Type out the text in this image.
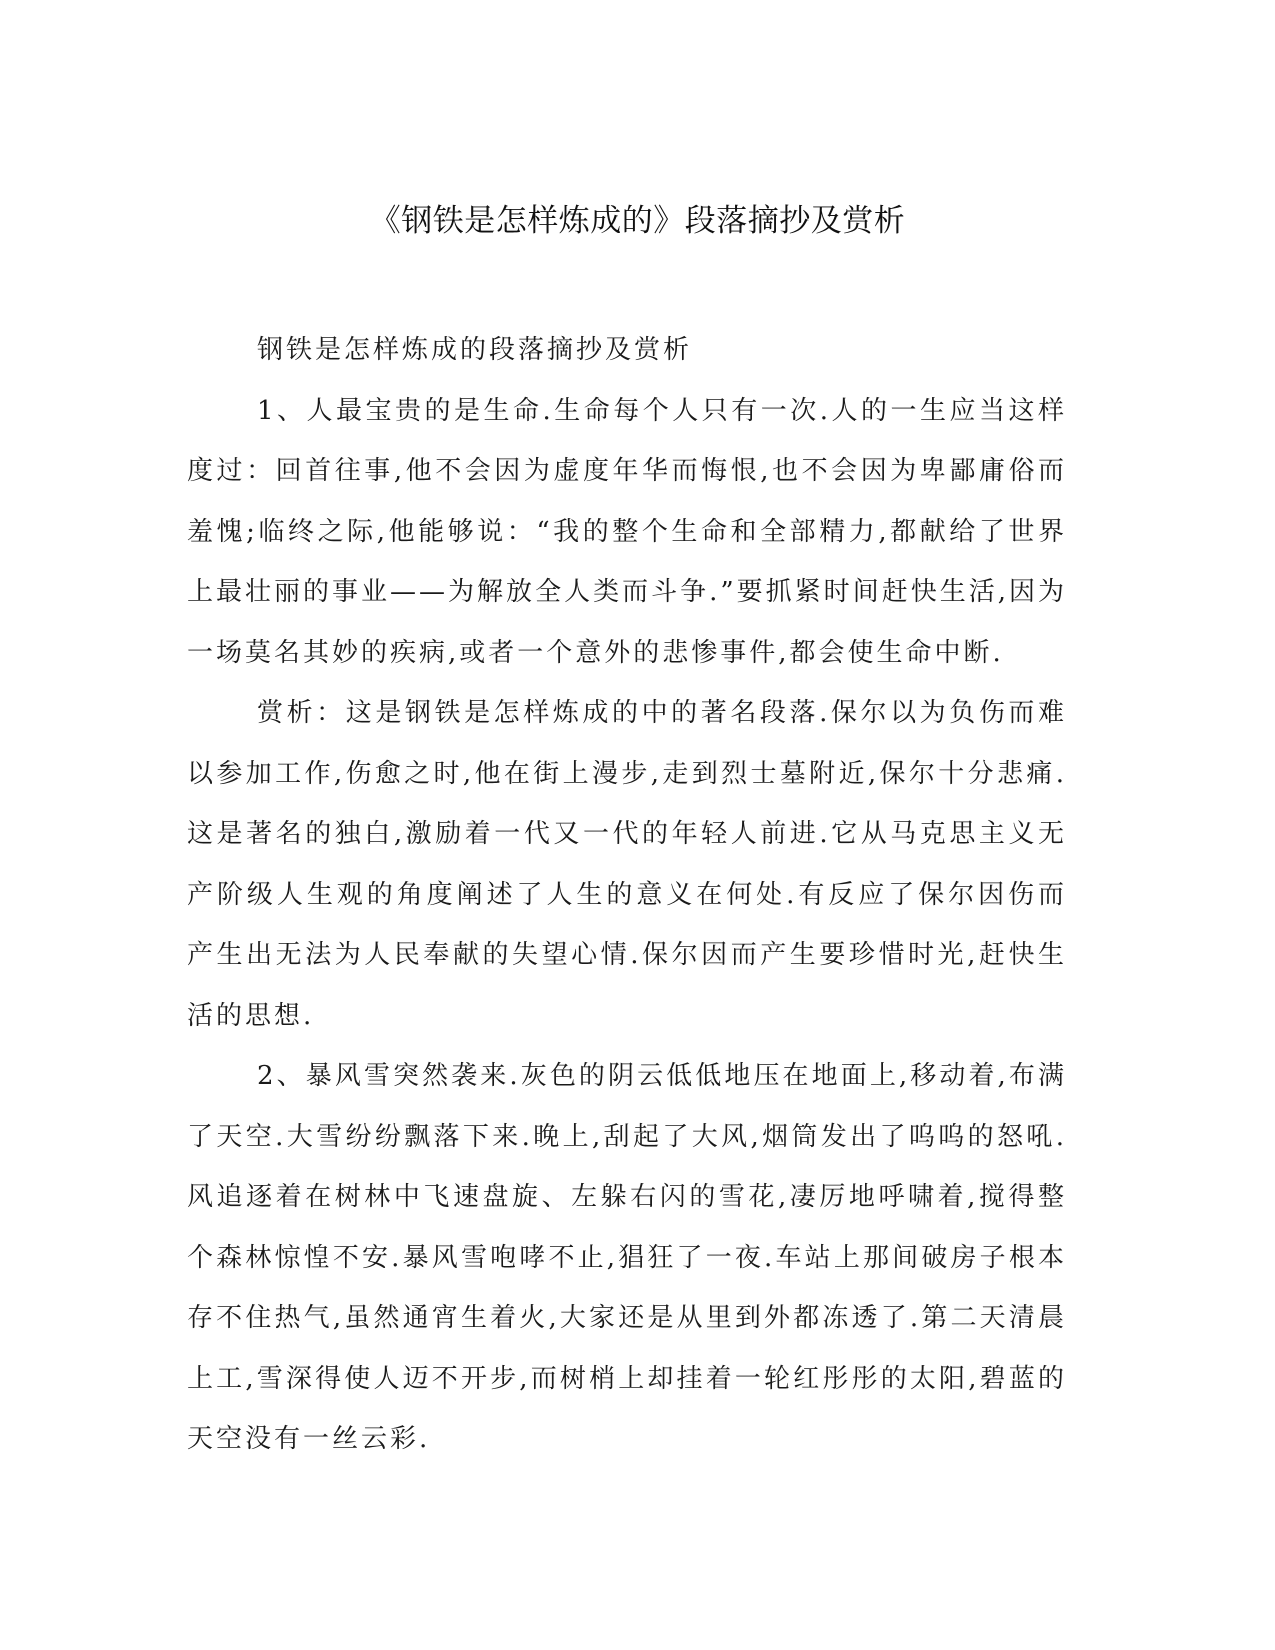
《钢铁是怎样炼成的》段落摘抄及赏析

钢铁是怎样炼成的段落摘抄及赏析

1、人最宝贵的是生命.生命每个人只有一次.人的一生应当这样度过：回首往事,他不会因为虚度年华而悔恨,也不会因为卑鄙庸俗而羞愧;临终之际,他能够说：“我的整个生命和全部精力,都献给了世界上最壮丽的事业——为解放全人类而斗争.”要抓紧时间赶快生活,因为一场莫名其妙的疾病,或者一个意外的悲惨事件,都会使生命中断.

赏析：这是钢铁是怎样炼成的中的著名段落.保尔以为负伤而难以参加工作,伤愈之时,他在街上漫步,走到烈士墓附近,保尔十分悲痛.这是著名的独白,激励着一代又一代的年轻人前进.它从马克思主义无产阶级人生观的角度阐述了人生的意义在何处.有反应了保尔因伤而产生出无法为人民奉献的失望心情.保尔因而产生要珍惜时光,赶快生活的思想.

2、暴风雪突然袭来.灰色的阴云低低地压在地面上,移动着,布满了天空.大雪纷纷飘落下来.晚上,刮起了大风,烟筒发出了呜呜的怒吼.风追逐着在树林中飞速盘旋、左躲右闪的雪花,凄厉地呼啸着,搅得整个森林惊惶不安.暴风雪咆哮不止,猖狂了一夜.车站上那间破房子根本存不住热气,虽然通宵生着火,大家还是从里到外都冻透了.第二天清晨上工,雪深得使人迈不开步,而树梢上却挂着一轮红彤彤的太阳,碧蓝的天空没有一丝云彩.
